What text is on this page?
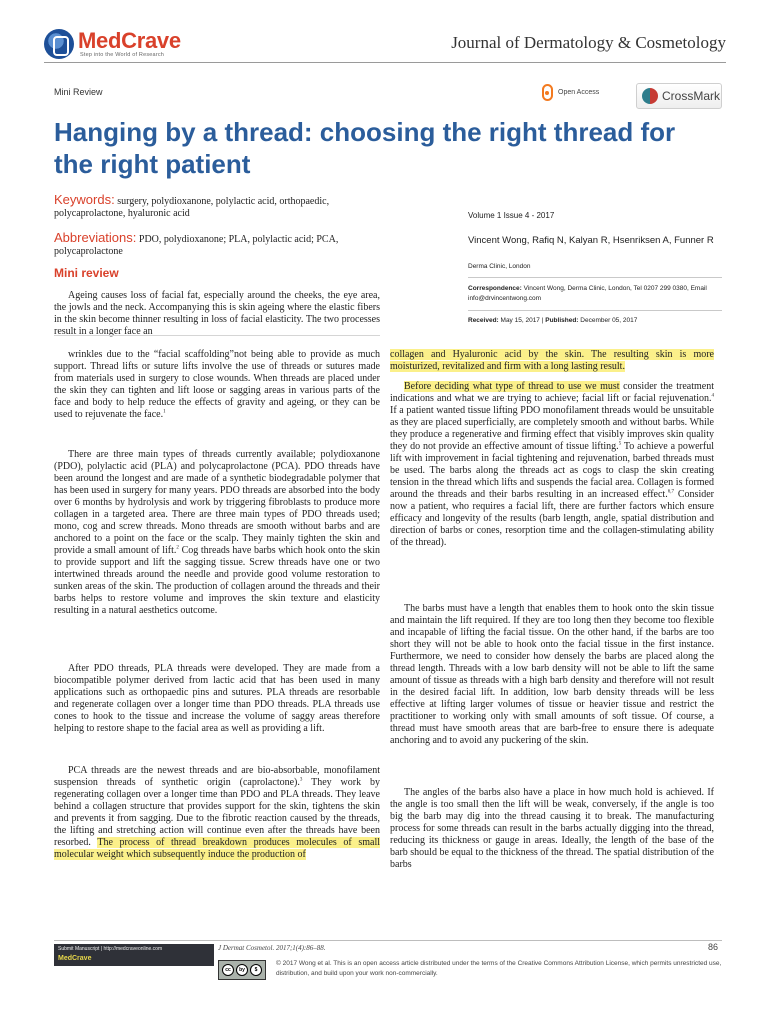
MedCrave
Step into the World of Research
Journal of Dermatology & Cosmetology
Mini Review	Open Access	CrossMark
Hanging by a thread: choosing the right thread for the right patient
Keywords: surgery, polydioxanone, polylactic acid, orthopaedic, polycaprolactone, hyaluronic acid
Abbreviations: PDO, polydioxanone; PLA, polylactic acid; PCA, polycaprolactone
Mini review
Volume 1 Issue 4 - 2017
Vincent Wong, Rafiq N, Kalyan R, Hsenriksen A, Funner R
Derma Clinic, London
Correspondence: Vincent Wong, Derma Clinic, London, Tel 0207 299 0380, Email info@drvincentwong.com
Received: May 15, 2017 | Published: December 05, 2017

Ageing causes loss of facial fat, especially around the cheeks, the eye area, the jowls and the neck. Accompanying this is skin ageing where the elastic fibers in the skin become thinner resulting in loss of facial elasticity. The two processes result in a longer face an

wrinkles due to the “facial scaffolding”not being able to provide as much support. Thread lifts or suture lifts involve the use of threads or sutures made from materials used in surgery to close wounds. When threads are placed under the skin they can tighten and lift loose or sagging areas in various parts of the face and body to help reduce the effects of gravity and ageing, or they can be used to rejuvenate the face.$^1$

There are three main types of threads currently available; polydioxanone (PDO), polylactic acid (PLA) and polycaprolactone (PCA). PDO threads have been around the longest and are made of a synthetic biodegradable polymer that has been used in surgery for many years. PDO threads are absorbed into the body over 6 months by hydrolysis and work by triggering fibroblasts to produce more collagen in a targeted area. There are three main types of PDO threads used; mono, cog and screw threads. Mono threads are smooth without barbs and are anchored to a point on the face or the scalp. They mainly tighten the skin and provide a small amount of lift.$^2$ Cog threads have barbs which hook onto the skin to provide support and lift the sagging tissue. Screw threads have one or two intertwined threads around the needle and provide good volume restoration to sunken areas of the skin. The production of collagen around the threads and their barbs helps to restore volume and improves the skin texture and elasticity resulting in a natural aesthetics outcome.

After PDO threads, PLA threads were developed. They are made from a biocompatible polymer derived from lactic acid that has been used in many applications such as orthopaedic pins and sutures. PLA threads are resorbable and regenerate collagen over a longer time than PDO threads. PLA threads use cones to hook to the tissue and increase the volume of saggy areas therefore helping to restore shape to the facial area as well as providing a lift.

PCA threads are the newest threads and are bio-absorbable, monofilament suspension threads of synthetic origin (caprolactone).$^3$ They work by regenerating collagen over a longer time than PDO and PLA threads. They leave behind a collagen structure that provides support for the skin, tightens the skin and prevents it from sagging. Due to the fibrotic reaction caused by the threads, the lifting and stretching action will continue even after the threads have been resorbed. The process of thread breakdown produces molecules of small molecular weight which subsequently induce the production of

collagen and Hyaluronic acid by the skin. The resulting skin is more moisturized, revitalized and firm with a long lasting result.

Before deciding what type of thread to use we must consider the treatment indications and what we are trying to achieve; facial lift or facial rejuvenation.$^4$ If a patient wanted tissue lifting PDO monofilament threads would be unsuitable as they are placed superficially, are completely smooth and without barbs. While they produce a regenerative and firming effect that visibly improves skin quality they do not provide an effective amount of tissue lifting.$^5$ To achieve a powerful lift with improvement in facial tightening and rejuvenation, barbed threads must be used. The barbs along the threads act as cogs to clasp the skin creating tension in the thread which lifts and suspends the facial area. Collagen is formed around the threads and their barbs resulting in an increased effect.$^{6,7}$ Consider now a patient, who requires a facial lift, there are further factors which ensure efficacy and longevity of the results (barb length, angle, spatial distribution and direction of barbs or cones, resorption time and the collagen-stimulating ability of the thread).

The barbs must have a length that enables them to hook onto the skin tissue and maintain the lift required. If they are too long then they become too flexible and incapable of lifting the facial tissue. On the other hand, if the barbs are too short they will not be able to hook onto the facial tissue in the first instance. Furthermore, we need to consider how densely the barbs are placed along the thread length. Threads with a low barb density will not be able to lift the same amount of tissue as threads with a high barb density and therefore will not result in the desired facial lift. In addition, low barb density threads will be less effective at lifting larger volumes of tissue or heavier tissue and restrict the practitioner to working only with small amounts of soft tissue. Of course, a thread must have smooth areas that are barb-free to ensure there is adequate anchoring and to avoid any puckering of the skin.

The angles of the barbs also have a place in how much hold is achieved. If the angle is too small then the lift will be weak, conversely, if the angle is too big the barb may dig into the thread causing it to break. The manufacturing process for some threads can result in the barbs actually digging into the thread, reducing its thickness or gauge in areas. Ideally, the length of the base of the barb should be equal to the thickness of the thread. The spatial distribution of the barbs

Submit Manuscript | http://medcraveonline.com
MedCrave
J Dermat Cosmetol. 2017;1(4):86‒88.	86
cc	by	$
© 2017 Wong et al. This is an open access article distributed under the terms of the Creative Commons Attribution License, which permits unrestricted use, distribution, and build upon your work non-commercially.
